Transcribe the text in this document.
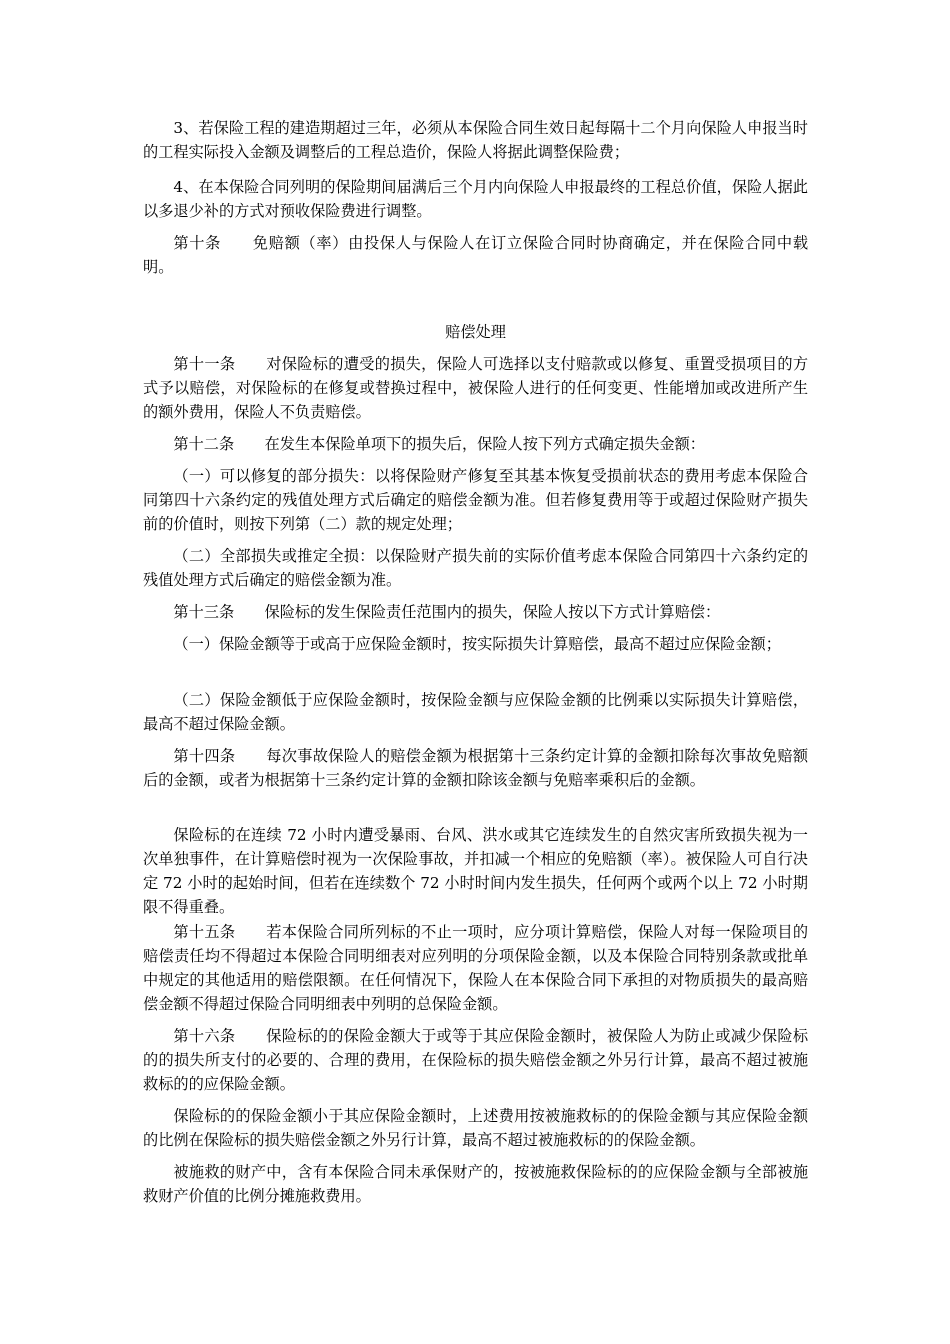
3、若保险工程的建造期超过三年，必须从本保险合同生效日起每隔十二个月向保险人申报当时的工程实际投入金额及调整后的工程总造价，保险人将据此调整保险费；

4、在本保险合同列明的保险期间届满后三个月内向保险人申报最终的工程总价值，保险人据此以多退少补的方式对预收保险费进行调整。

第十条　　免赔额（率）由投保人与保险人在订立保险合同时协商确定，并在保险合同中载明。

赔偿处理

第十一条　　对保险标的遭受的损失，保险人可选择以支付赔款或以修复、重置受损项目的方式予以赔偿，对保险标的在修复或替换过程中，被保险人进行的任何变更、性能增加或改进所产生的额外费用，保险人不负责赔偿。

第十二条　　在发生本保险单项下的损失后，保险人按下列方式确定损失金额：

（一）可以修复的部分损失：以将保险财产修复至其基本恢复受损前状态的费用考虑本保险合同第四十六条约定的残值处理方式后确定的赔偿金额为准。但若修复费用等于或超过保险财产损失前的价值时，则按下列第（二）款的规定处理；

（二）全部损失或推定全损：以保险财产损失前的实际价值考虑本保险合同第四十六条约定的残值处理方式后确定的赔偿金额为准。

第十三条　　保险标的发生保险责任范围内的损失，保险人按以下方式计算赔偿：

（一）保险金额等于或高于应保险金额时，按实际损失计算赔偿，最高不超过应保险金额；

（二）保险金额低于应保险金额时，按保险金额与应保险金额的比例乘以实际损失计算赔偿，最高不超过保险金额。

第十四条　　每次事故保险人的赔偿金额为根据第十三条约定计算的金额扣除每次事故免赔额后的金额，或者为根据第十三条约定计算的金额扣除该金额与免赔率乘积后的金额。

保险标的在连续 72 小时内遭受暴雨、台风、洪水或其它连续发生的自然灾害所致损失视为一次单独事件，在计算赔偿时视为一次保险事故，并扣减一个相应的免赔额（率）。被保险人可自行决定 72 小时的起始时间，但若在连续数个 72 小时时间内发生损失，任何两个或两个以上 72 小时期限不得重叠。

第十五条　　若本保险合同所列标的不止一项时，应分项计算赔偿，保险人对每一保险项目的赔偿责任均不得超过本保险合同明细表对应列明的分项保险金额，以及本保险合同特别条款或批单中规定的其他适用的赔偿限额。在任何情况下，保险人在本保险合同下承担的对物质损失的最高赔偿金额不得超过保险合同明细表中列明的总保险金额。

第十六条　　保险标的的保险金额大于或等于其应保险金额时，被保险人为防止或减少保险标的的损失所支付的必要的、合理的费用，在保险标的损失赔偿金额之外另行计算，最高不超过被施救标的的应保险金额。

保险标的的保险金额小于其应保险金额时，上述费用按被施救标的的保险金额与其应保险金额的比例在保险标的损失赔偿金额之外另行计算，最高不超过被施救标的的保险金额。

被施救的财产中，含有本保险合同未承保财产的，按被施救保险标的的应保险金额与全部被施救财产价值的比例分摊施救费用。
